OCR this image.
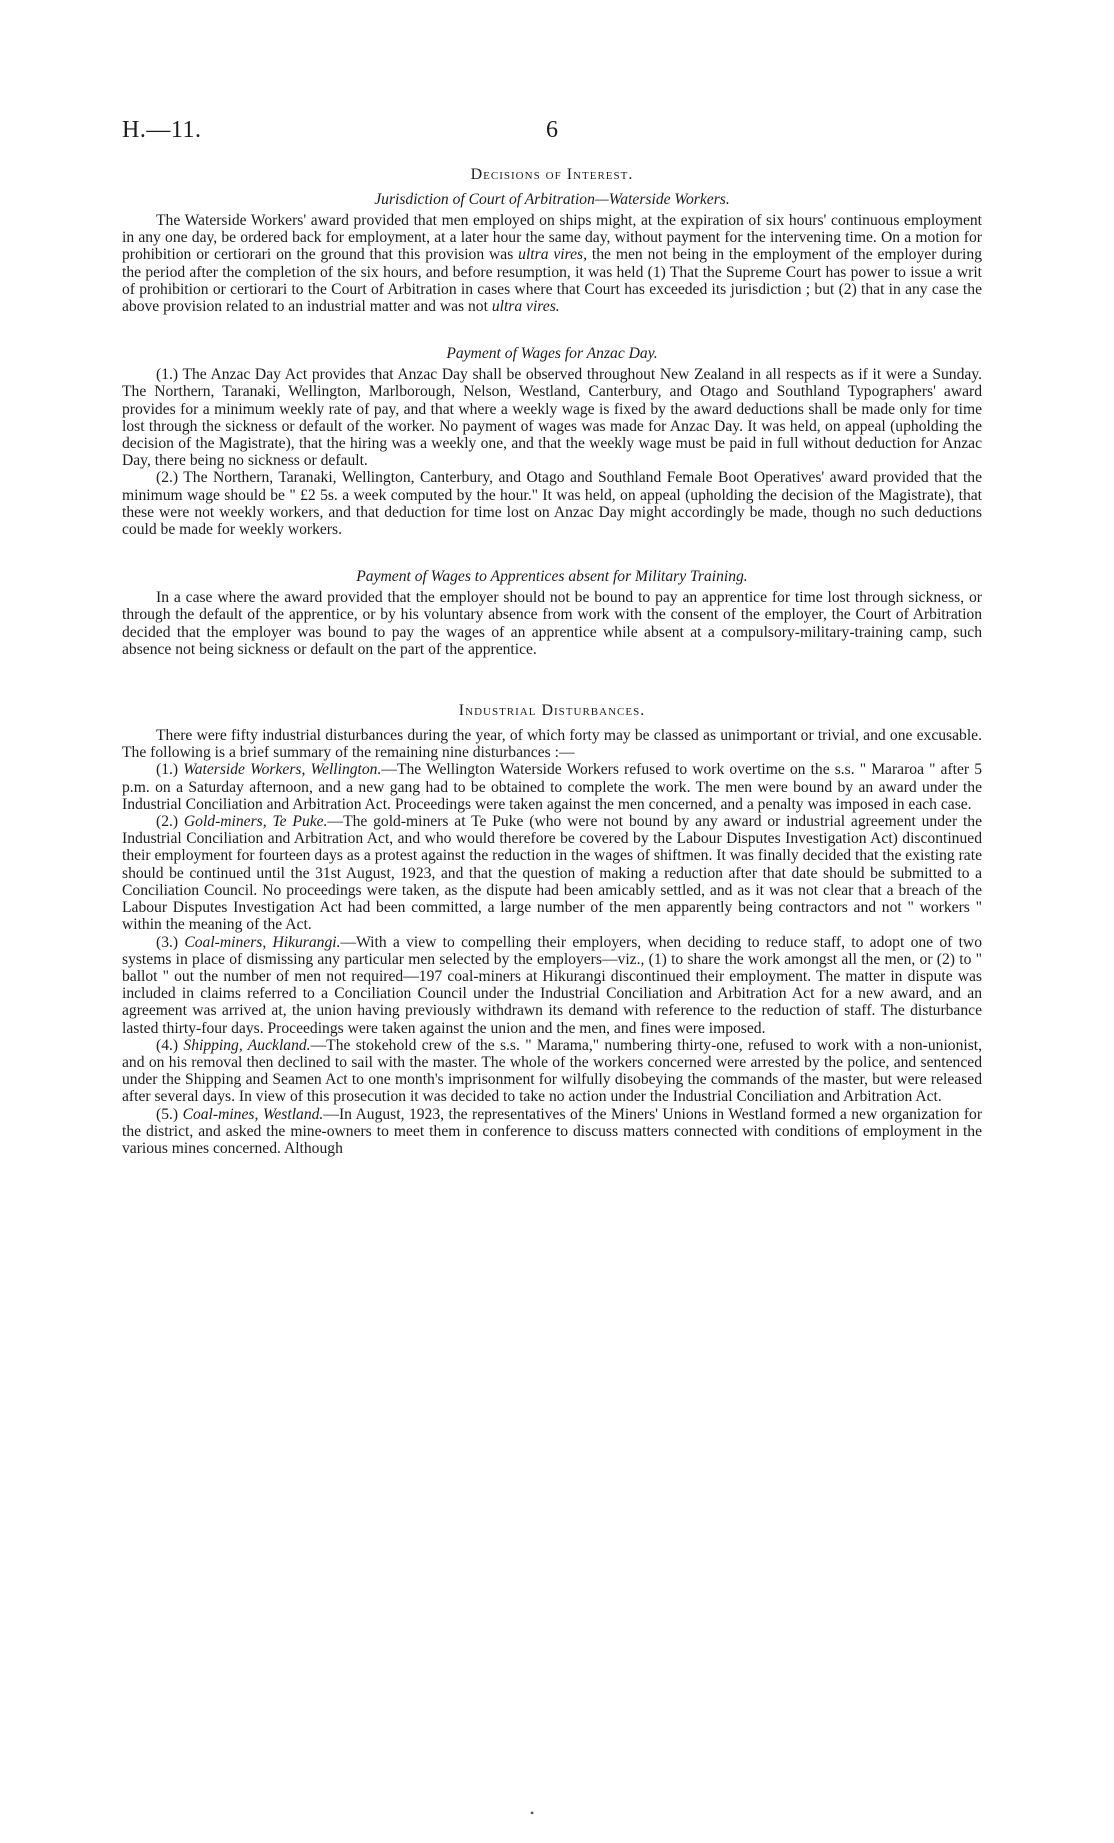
H.—11.	6
Decisions of Interest.
Jurisdiction of Court of Arbitration—Waterside Workers.

The Waterside Workers' award provided that men employed on ships might, at the expiration of six hours' continuous employment in any one day, be ordered back for employment, at a later hour the same day, without payment for the intervening time. On a motion for prohibition or certiorari on the ground that this provision was ultra vires, the men not being in the employment of the employer during the period after the completion of the six hours, and before resumption, it was held (1) That the Supreme Court has power to issue a writ of prohibition or certiorari to the Court of Arbitration in cases where that Court has exceeded its jurisdiction ; but (2) that in any case the above provision related to an industrial matter and was not ultra vires.

Payment of Wages for Anzac Day.

(1.) The Anzac Day Act provides that Anzac Day shall be observed throughout New Zealand in all respects as if it were a Sunday. The Northern, Taranaki, Wellington, Marlborough, Nelson, Westland, Canterbury, and Otago and Southland Typographers' award provides for a minimum weekly rate of pay, and that where a weekly wage is fixed by the award deductions shall be made only for time lost through the sickness or default of the worker. No payment of wages was made for Anzac Day. It was held, on appeal (upholding the decision of the Magistrate), that the hiring was a weekly one, and that the weekly wage must be paid in full without deduction for Anzac Day, there being no sickness or default.

(2.) The Northern, Taranaki, Wellington, Canterbury, and Otago and Southland Female Boot Operatives' award provided that the minimum wage should be " £2 5s. a week computed by the hour." It was held, on appeal (upholding the decision of the Magistrate), that these were not weekly workers, and that deduction for time lost on Anzac Day might accordingly be made, though no such deductions could be made for weekly workers.

Payment of Wages to Apprentices absent for Military Training.

In a case where the award provided that the employer should not be bound to pay an apprentice for time lost through sickness, or through the default of the apprentice, or by his voluntary absence from work with the consent of the employer, the Court of Arbitration decided that the employer was bound to pay the wages of an apprentice while absent at a compulsory-military-training camp, such absence not being sickness or default on the part of the apprentice.

Industrial Disturbances.

There were fifty industrial disturbances during the year, of which forty may be classed as unimportant or trivial, and one excusable. The following is a brief summary of the remaining nine disturbances :—

(1.) Waterside Workers, Wellington.—The Wellington Waterside Workers refused to work overtime on the s.s. " Mararoa " after 5 p.m. on a Saturday afternoon, and a new gang had to be obtained to complete the work. The men were bound by an award under the Industrial Conciliation and Arbitration Act. Proceedings were taken against the men concerned, and a penalty was imposed in each case.

(2.) Gold-miners, Te Puke.—The gold-miners at Te Puke (who were not bound by any award or industrial agreement under the Industrial Conciliation and Arbitration Act, and who would therefore be covered by the Labour Disputes Investigation Act) discontinued their employment for fourteen days as a protest against the reduction in the wages of shiftmen. It was finally decided that the existing rate should be continued until the 31st August, 1923, and that the question of making a reduction after that date should be submitted to a Conciliation Council. No proceedings were taken, as the dispute had been amicably settled, and as it was not clear that a breach of the Labour Disputes Investigation Act had been committed, a large number of the men apparently being contractors and not " workers " within the meaning of the Act.

(3.) Coal-miners, Hikurangi.—With a view to compelling their employers, when deciding to reduce staff, to adopt one of two systems in place of dismissing any particular men selected by the employers—viz., (1) to share the work amongst all the men, or (2) to " ballot " out the number of men not required—197 coal-miners at Hikurangi discontinued their employment. The matter in dispute was included in claims referred to a Conciliation Council under the Industrial Conciliation and Arbitration Act for a new award, and an agreement was arrived at, the union having previously withdrawn its demand with reference to the reduction of staff. The disturbance lasted thirty-four days. Proceedings were taken against the union and the men, and fines were imposed.

(4.) Shipping, Auckland.—The stokehold crew of the s.s. " Marama," numbering thirty-one, refused to work with a non-unionist, and on his removal then declined to sail with the master. The whole of the workers concerned were arrested by the police, and sentenced under the Shipping and Seamen Act to one month's imprisonment for wilfully disobeying the commands of the master, but were released after several days. In view of this prosecution it was decided to take no action under the Industrial Conciliation and Arbitration Act.

(5.) Coal-mines, Westland.—In August, 1923, the representatives of the Miners' Unions in Westland formed a new organization for the district, and asked the mine-owners to meet them in conference to discuss matters connected with conditions of employment in the various mines concerned. Although

•
